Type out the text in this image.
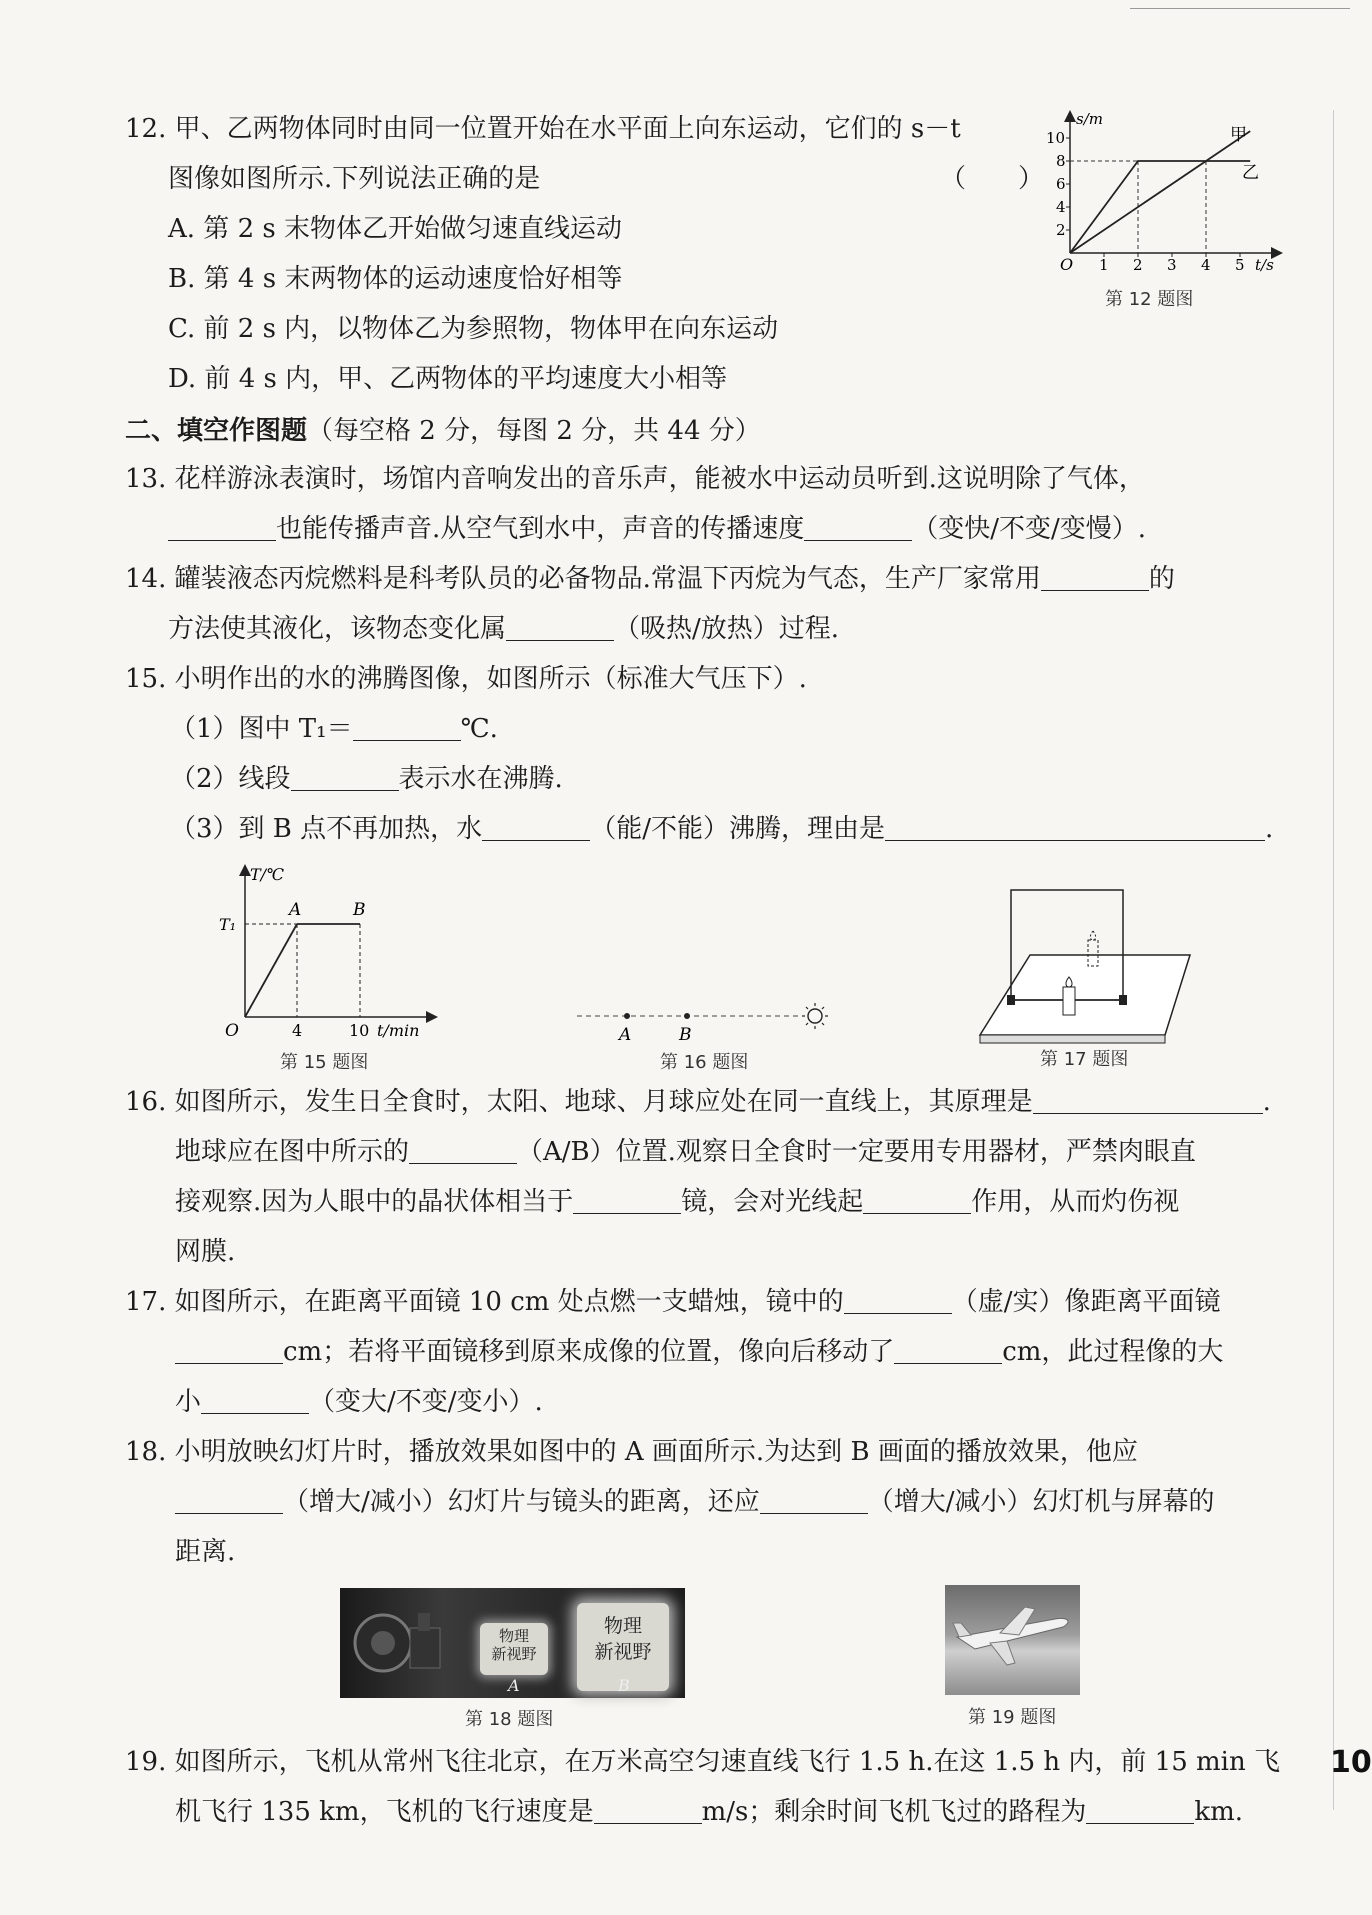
10
12. 甲、乙两物体同时由同一位置开始在水平面上向东运动，它们的 s－t
图像如图所示.下列说法正确的是	（　　）
A. 第 2 s 末物体乙开始做匀速直线运动
B. 第 4 s 末两物体的运动速度恰好相等
C. 前 2 s 内，以物体乙为参照物，物体甲在向东运动
D. 前 4 s 内，甲、乙两物体的平均速度大小相等
2
4
6
8
10
1 2 3 4 5
s/m
t/s
O
甲
乙
第 12 题图
二、填空作图题（每空格 2 分，每图 2 分，共 44 分）
13. 花样游泳表演时，场馆内音响发出的音乐声，能被水中运动员听到.这说明除了气体，
也能传播声音.从空气到水中，声音的传播速度	（变快/不变/变慢）.
14. 罐装液态丙烷燃料是科考队员的必备物品.常温下丙烷为气态，生产厂家常用	的
方法使其液化，该物态变化属	（吸热/放热）过程.
15. 小明作出的水的沸腾图像，如图所示（标准大气压下）.
（1）图中 T₁＝	℃.
（2）线段	表示水在沸腾.
（3）到 B 点不再加热，水	（能/不能）沸腾，理由是	.
T/℃
T₁
A	B
O	4	10 t/min
第 15 题图
A	B
第 16 题图	第 17 题图
16. 如图所示，发生日全食时，太阳、地球、月球应处在同一直线上，其原理是	.
地球应在图中所示的	（A/B）位置.观察日全食时一定要用专用器材，严禁肉眼直
接观察.因为人眼中的晶状体相当于	镜，会对光线起	作用，从而灼伤视
网膜.
17. 如图所示，在距离平面镜 10 cm 处点燃一支蜡烛，镜中的	（虚/实）像距离平面镜
cm；若将平面镜移到原来成像的位置，像向后移动了	cm，此过程像的大
小	（变大/不变/变小）.
18. 小明放映幻灯片时，播放效果如图中的 A 画面所示.为达到 B 画面的播放效果，他应
（增大/减小）幻灯片与镜头的距离，还应	（增大/减小）幻灯机与屏幕的
距离.
物理
新视野
物理
新视野
A	B
第 18 题图	第 19 题图
19. 如图所示，飞机从常州飞往北京，在万米高空匀速直线飞行 1.5 h.在这 1.5 h 内，前 15 min 飞
机飞行 135 km，飞机的飞行速度是	m/s；剩余时间飞机飞过的路程为	km.
